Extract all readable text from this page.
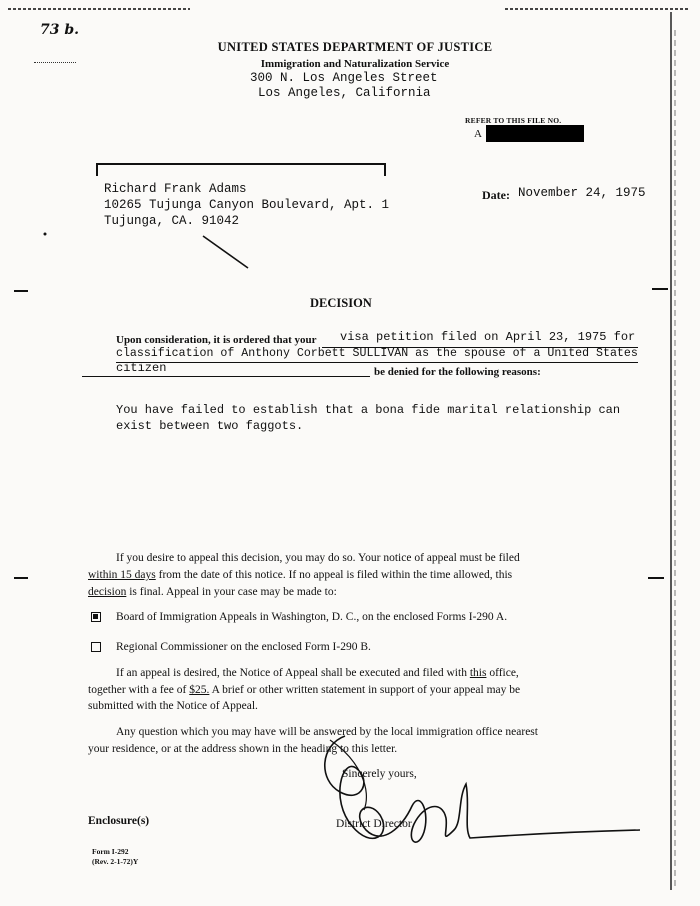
73 b.
UNITED STATES DEPARTMENT OF JUSTICE
Immigration and Naturalization Service
300 N. Los Angeles Street
Los Angeles, California
REFER TO THIS FILE NO.
A
Richard Frank Adams
10265 Tujunga Canyon Boulevard, Apt. 1
Tujunga, CA. 91042
Date: November 24, 1975
DECISION
Upon consideration, it is ordered that your visa petition filed on April 23, 1975 for
classification of Anthony Corbett SULLIVAN as the spouse of a United States
citizen	be denied for the following reasons:
You have failed to establish that a bona fide marital relationship can
exist between two faggots.
If you desire to appeal this decision, you may do so. Your notice of appeal must be filed
within 15 days from the date of this notice. If no appeal is filed within the time allowed, this
decision is final. Appeal in your case may be made to:
Board of Immigration Appeals in Washington, D. C., on the enclosed Forms I-290 A.
Regional Commissioner on the enclosed Form I-290 B.
If an appeal is desired, the Notice of Appeal shall be executed and filed with this office,
together with a fee of $25. A brief or other written statement in support of your appeal may be
submitted with the Notice of Appeal.
Any question which you may have will be answered by the local immigration office nearest
your residence, or at the address shown in the heading to this letter.
Sincerely yours,
District Director
Enclosure(s)
Form I-292
(Rev. 2-1-72)Y
